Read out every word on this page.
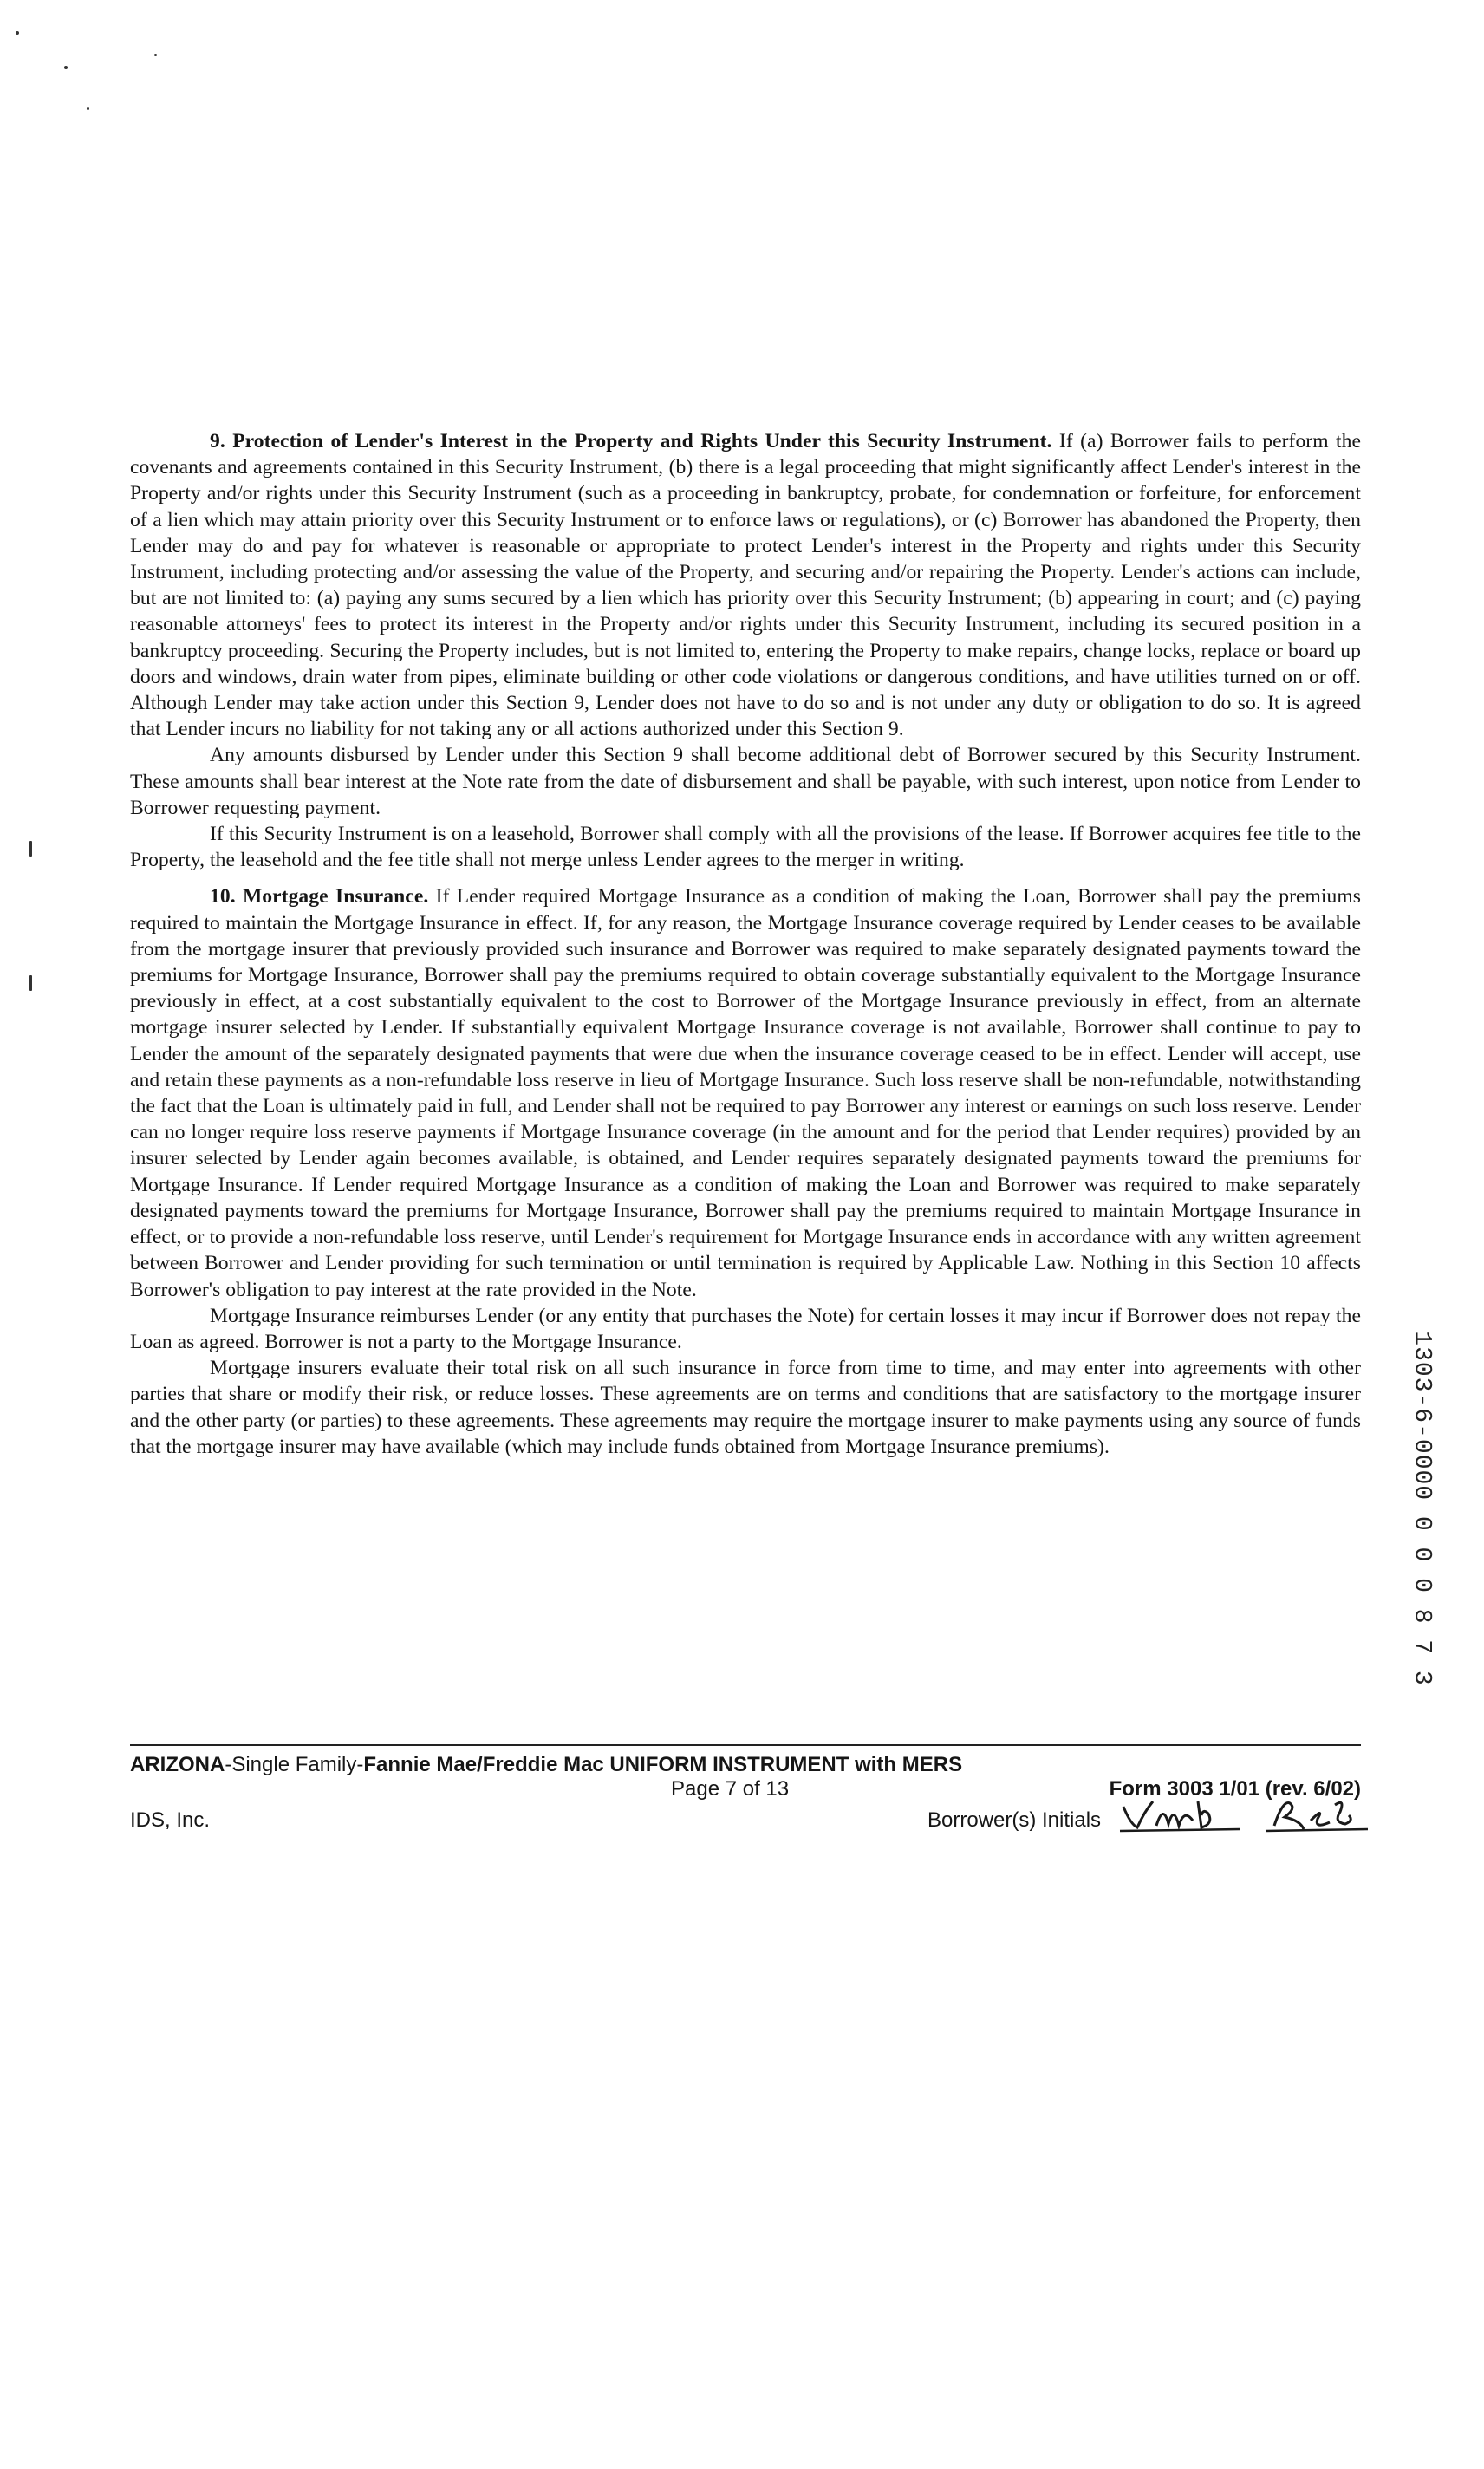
9. Protection of Lender's Interest in the Property and Rights Under this Security Instrument. If (a) Borrower fails to perform the covenants and agreements contained in this Security Instrument, (b) there is a legal proceeding that might significantly affect Lender's interest in the Property and/or rights under this Security Instrument (such as a proceeding in bankruptcy, probate, for condemnation or forfeiture, for enforcement of a lien which may attain priority over this Security Instrument or to enforce laws or regulations), or (c) Borrower has abandoned the Property, then Lender may do and pay for whatever is reasonable or appropriate to protect Lender's interest in the Property and rights under this Security Instrument, including protecting and/or assessing the value of the Property, and securing and/or repairing the Property. Lender's actions can include, but are not limited to: (a) paying any sums secured by a lien which has priority over this Security Instrument; (b) appearing in court; and (c) paying reasonable attorneys' fees to protect its interest in the Property and/or rights under this Security Instrument, including its secured position in a bankruptcy proceeding. Securing the Property includes, but is not limited to, entering the Property to make repairs, change locks, replace or board up doors and windows, drain water from pipes, eliminate building or other code violations or dangerous conditions, and have utilities turned on or off. Although Lender may take action under this Section 9, Lender does not have to do so and is not under any duty or obligation to do so. It is agreed that Lender incurs no liability for not taking any or all actions authorized under this Section 9.

Any amounts disbursed by Lender under this Section 9 shall become additional debt of Borrower secured by this Security Instrument. These amounts shall bear interest at the Note rate from the date of disbursement and shall be payable, with such interest, upon notice from Lender to Borrower requesting payment.

If this Security Instrument is on a leasehold, Borrower shall comply with all the provisions of the lease. If Borrower acquires fee title to the Property, the leasehold and the fee title shall not merge unless Lender agrees to the merger in writing.

10. Mortgage Insurance. If Lender required Mortgage Insurance as a condition of making the Loan, Borrower shall pay the premiums required to maintain the Mortgage Insurance in effect. If, for any reason, the Mortgage Insurance coverage required by Lender ceases to be available from the mortgage insurer that previously provided such insurance and Borrower was required to make separately designated payments toward the premiums for Mortgage Insurance, Borrower shall pay the premiums required to obtain coverage substantially equivalent to the Mortgage Insurance previously in effect, at a cost substantially equivalent to the cost to Borrower of the Mortgage Insurance previously in effect, from an alternate mortgage insurer selected by Lender. If substantially equivalent Mortgage Insurance coverage is not available, Borrower shall continue to pay to Lender the amount of the separately designated payments that were due when the insurance coverage ceased to be in effect. Lender will accept, use and retain these payments as a non-refundable loss reserve in lieu of Mortgage Insurance. Such loss reserve shall be non-refundable, notwithstanding the fact that the Loan is ultimately paid in full, and Lender shall not be required to pay Borrower any interest or earnings on such loss reserve. Lender can no longer require loss reserve payments if Mortgage Insurance coverage (in the amount and for the period that Lender requires) provided by an insurer selected by Lender again becomes available, is obtained, and Lender requires separately designated payments toward the premiums for Mortgage Insurance. If Lender required Mortgage Insurance as a condition of making the Loan and Borrower was required to make separately designated payments toward the premiums for Mortgage Insurance, Borrower shall pay the premiums required to maintain Mortgage Insurance in effect, or to provide a non-refundable loss reserve, until Lender's requirement for Mortgage Insurance ends in accordance with any written agreement between Borrower and Lender providing for such termination or until termination is required by Applicable Law. Nothing in this Section 10 affects Borrower's obligation to pay interest at the rate provided in the Note.

Mortgage Insurance reimburses Lender (or any entity that purchases the Note) for certain losses it may incur if Borrower does not repay the Loan as agreed. Borrower is not a party to the Mortgage Insurance.

Mortgage insurers evaluate their total risk on all such insurance in force from time to time, and may enter into agreements with other parties that share or modify their risk, or reduce losses. These agreements are on terms and conditions that are satisfactory to the mortgage insurer and the other party (or parties) to these agreements. These agreements may require the mortgage insurer to make payments using any source of funds that the mortgage insurer may have available (which may include funds obtained from Mortgage Insurance premiums).

ARIZONA-Single Family-Fannie Mae/Freddie Mac UNIFORM INSTRUMENT with MERS
Page 7 of 13	Form 3003 1/01 (rev. 6/02)
IDS, Inc.	Borrower(s) Initials
1303-6-0000 0 0 0 8 7 3
